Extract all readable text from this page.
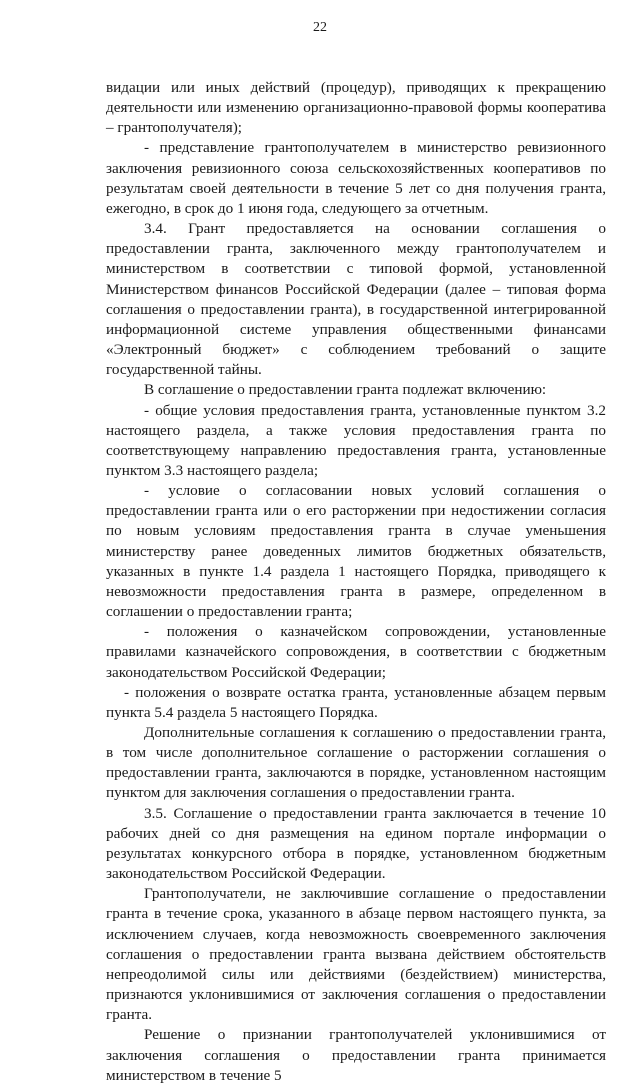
22

видации или иных действий (процедур), приводящих к прекращению деятельности или изменению организационно-правовой формы кооператива – грантополучателя);

- представление грантополучателем в министерство ревизионного заключения ревизионного союза сельскохозяйственных кооперативов по результатам своей деятельности в течение 5 лет со дня получения гранта, ежегодно, в срок до 1 июня года, следующего за отчетным.

3.4. Грант предоставляется на основании соглашения о предоставлении гранта, заключенного между грантополучателем и министерством в соответствии с типовой формой, установленной Министерством финансов Российской Федерации (далее – типовая форма соглашения о предоставлении гранта), в государственной интегрированной информационной системе управления общественными финансами «Электронный бюджет» с соблюдением требований о защите государственной тайны.

В соглашение о предоставлении гранта подлежат включению:

- общие условия предоставления гранта, установленные пунктом 3.2 настоящего раздела, а также условия предоставления гранта по соответствующему направлению предоставления гранта, установленные пунктом 3.3 настоящего раздела;

- условие о согласовании новых условий соглашения о предоставлении гранта или о его расторжении при недостижении согласия по новым условиям предоставления гранта в случае уменьшения министерству ранее доведенных лимитов бюджетных обязательств, указанных в пункте 1.4 раздела 1 настоящего Порядка, приводящего к невозможности предоставления гранта в размере, определенном в соглашении о предоставлении гранта;

- положения о казначейском сопровождении, установленные правилами казначейского сопровождения, в соответствии с бюджетным законодательством Российской Федерации;

- положения о возврате остатка гранта, установленные абзацем первым пункта 5.4 раздела 5 настоящего Порядка.

Дополнительные соглашения к соглашению о предоставлении гранта, в том числе дополнительное соглашение о расторжении соглашения о предоставлении гранта, заключаются в порядке, установленном настоящим пунктом для заключения соглашения о предоставлении гранта.

3.5. Соглашение о предоставлении гранта заключается в течение 10 рабочих дней со дня размещения на едином портале информации о результатах конкурсного отбора в порядке, установленном бюджетным законодательством Российской Федерации.

Грантополучатели, не заключившие соглашение о предоставлении гранта в течение срока, указанного в абзаце первом настоящего пункта, за исключением случаев, когда невозможность своевременного заключения соглашения о предоставлении гранта вызвана действием обстоятельств непреодолимой силы или действиями (бездействием) министерства, признаются уклонившимися от заключения соглашения о предоставлении гранта.

Решение о признании грантополучателей уклонившимися от заключения соглашения о предоставлении гранта принимается министерством в течение 5
